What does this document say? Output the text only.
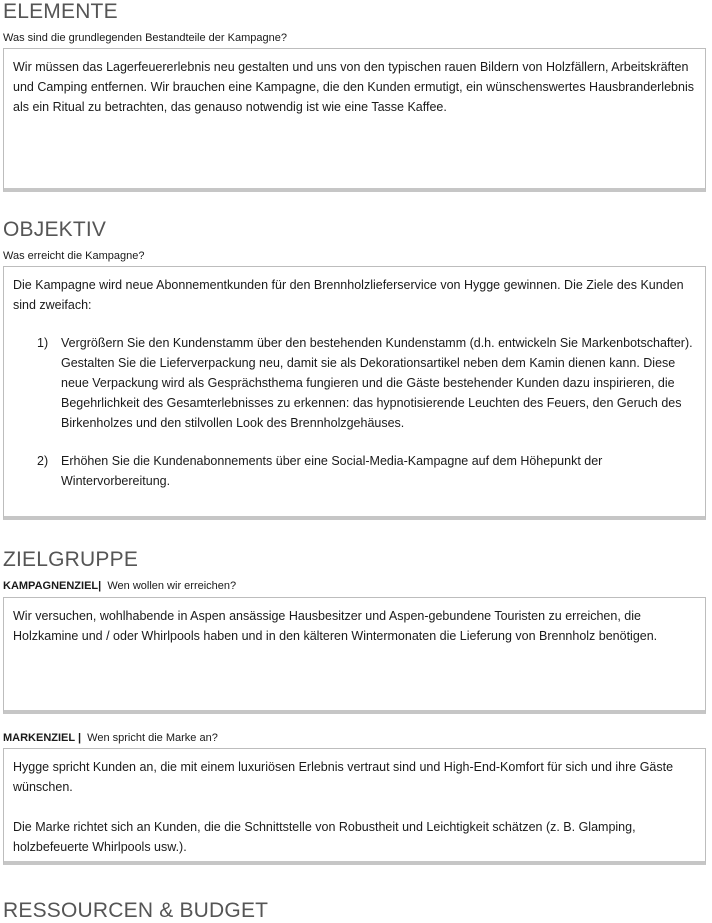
ELEMENTE
Was sind die grundlegenden Bestandteile der Kampagne?

Wir müssen das Lagerfeuererlebnis neu gestalten und uns von den typischen rauen Bildern von Holzfällern, Arbeitskräften und Camping entfernen. Wir brauchen eine Kampagne, die den Kunden ermutigt, ein wünschenswertes Hausbranderlebnis als ein Ritual zu betrachten, das genauso notwendig ist wie eine Tasse Kaffee.

OBJEKTIV
Was erreicht die Kampagne?

Die Kampagne wird neue Abonnementkunden für den Brennholzlieferservice von Hygge gewinnen. Die Ziele des Kunden sind zweifach:

1) Vergrößern Sie den Kundenstamm über den bestehenden Kundenstamm (d.h. entwickeln Sie Markenbotschafter). Gestalten Sie die Lieferverpackung neu, damit sie als Dekorationsartikel neben dem Kamin dienen kann. Diese neue Verpackung wird als Gesprächsthema fungieren und die Gäste bestehender Kunden dazu inspirieren, die Begehrlichkeit des Gesamterlebnisses zu erkennen: das hypnotisierende Leuchten des Feuers, den Geruch des Birkenholzes und den stilvollen Look des Brennholzgehäuses.
2) Erhöhen Sie die Kundenabonnements über eine Social-Media-Kampagne auf dem Höhepunkt der Wintervorbereitung.
ZIELGRUPPE
KAMPAGNENZIEL| Wen wollen wir erreichen?

Wir versuchen, wohlhabende in Aspen ansässige Hausbesitzer und Aspen-gebundene Touristen zu erreichen, die Holzkamine und / oder Whirlpools haben und in den kälteren Wintermonaten die Lieferung von Brennholz benötigen.

MARKENZIEL | Wen spricht die Marke an?

Hygge spricht Kunden an, die mit einem luxuriösen Erlebnis vertraut sind und High-End-Komfort für sich und ihre Gäste wünschen.

Die Marke richtet sich an Kunden, die die Schnittstelle von Robustheit und Leichtigkeit schätzen (z. B. Glamping, holzbefeuerte Whirlpools usw.).

RESSOURCEN & BUDGET
